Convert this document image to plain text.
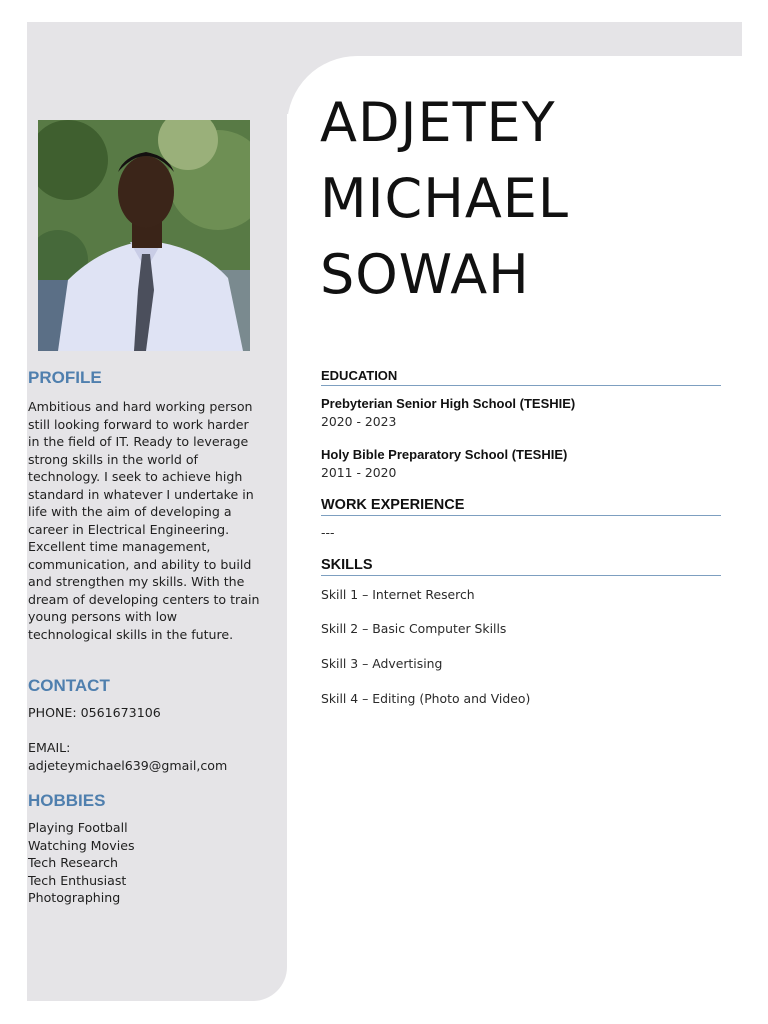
PROFILE

Ambitious and hard working person still looking forward to work harder in the field of IT. Ready to leverage strong skills in the world of technology. I seek to achieve high standard in whatever I undertake in life with the aim of developing a career in Electrical Engineering. Excellent time management, communication, and ability to build and strengthen my skills. With the dream of developing centers to train young persons with low technological skills in the future.

CONTACT
PHONE: 0561673106
EMAIL:
adjeteymichael639@gmail,com
HOBBIES
Playing Football
Watching Movies
Tech Research
Tech Enthusiast
Photographing
ADJETEY
MICHAEL
SOWAH
EDUCATION
Prebyterian Senior High School (TESHIE)
2020 - 2023
Holy Bible Preparatory School (TESHIE)
2011 - 2020
WORK EXPERIENCE
---
SKILLS
Skill 1 – Internet Reserch
Skill 2 – Basic Computer Skills
Skill 3 – Advertising
Skill 4 – Editing (Photo and Video)
